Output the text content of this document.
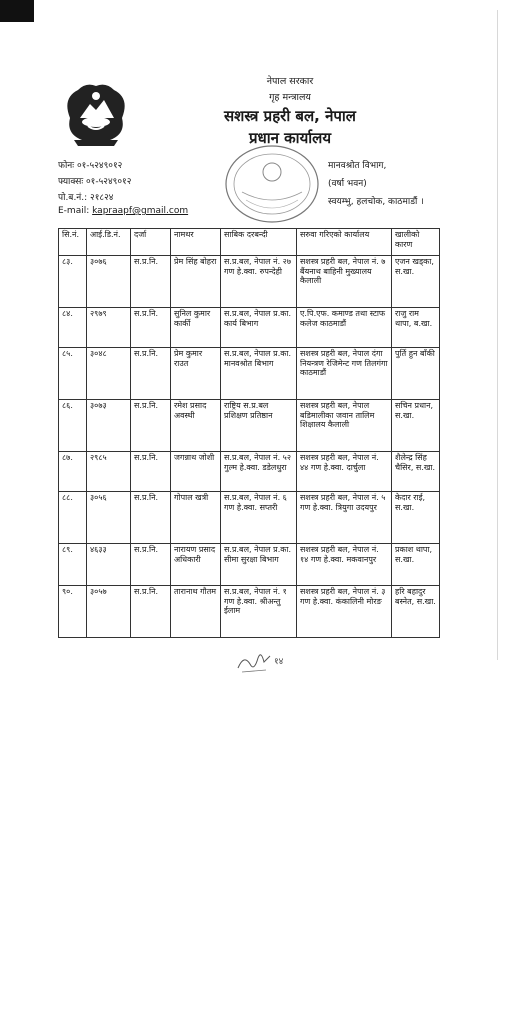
नेपाल सरकार
गृह मन्त्रालय
सशस्त्र प्रहरी बल, नेपाल
प्रधान कार्यालय
फोनः ०१-५२४९०१२
फ्याक्सः ०१-५२४९०१२
पो.ब.नं.: २१८२४
E-mail: kapraapf@gmail.com
मानवश्रोत विभाग,
(वर्षा भवन)
स्वयम्भु, हलचोक, काठमाडौं ।
सि.नं.	आई.डि.नं.	दर्जा	नामथर	साबिक दरबन्दी	सरुवा गरिएको कार्यालय	खालीको कारण
८३.	३०७६	स.प्र.नि.	प्रेम सिंह बोहरा	स.प्र.बल, नेपाल नं. २७ गण हे.क्वा. रुपन्देही	सशस्त्र प्रहरी बल, नेपाल नं. ७ बैंयनाथ बाहिनी मुख्यालय कैलाली	एजन खड्का, स.खा.
८४.	२९७९	स.प्र.नि.	सुनिल कुमार कार्की	स.प्र.बल, नेपाल प्र.का. कार्य बिभाग	ए.पि.एफ. कमाण्ड तथा स्टाफ कलेज काठमाडौं	राजु राम थापा, ब.खा.
८५.	३०४८	स.प्र.नि.	प्रेम कुमार राउत	स.प्र.बल, नेपाल प्र.का. मानवश्रोत बिभाग	सशस्त्र प्रहरी बल, नेपाल दंगा नियन्त्रण रेजिमेन्ट गण तिलगंगा काठमाडौं	पुर्ति हुन बाँकी
८६.	३०७३	स.प्र.नि.	रमेश प्रसाद अवस्थी	राष्ट्रिय स.प्र.बल प्रशिक्षण प्रतिष्ठान	सशस्त्र प्रहरी बल, नेपाल बडिमालीका जवान तालिम शिक्षालय कैलाली	सचिन प्रधान, स.खा.
८७.	२९८५	स.प्र.नि.	जगन्नाथ जोशी	स.प्र.बल, नेपाल नं. ५२ गुल्म हे.क्वा. डडेलधुरा	सशस्त्र प्रहरी बल, नेपाल नं. ४४ गण हे.क्वा. दार्चुला	शैलेन्द्र सिंह चैसिर, स.खा.
८८.	३०५६	स.प्र.नि.	गोपाल खत्री	स.प्र.बल, नेपाल नं. ६ गण हे.क्वा. सप्तरी	सशस्त्र प्रहरी बल, नेपाल नं. ५ गण हे.क्वा. त्रियुगा उदयपुर	केदार राई, स.खा.
८९.	४६३३	स.प्र.नि.	नारायण प्रसाद अधिकारी	स.प्र.बल, नेपाल प्र.का. सीमा सुरक्षा बिभाग	सशस्त्र प्रहरी बल, नेपाल नं. १४ गण हे.क्वा. मकवानपुर	प्रकाश थापा, स.खा.
९०.	३०५७	स.प्र.नि.	तारानाथ गौतम	स.प्र.बल, नेपाल नं. १ गण हे.क्वा. श्रीअन्तु ईलाम	सशस्त्र प्रहरी बल, नेपाल नं. ३ गण हे.क्वा. कंकालिनी मोरङ	हरि बहादुर बस्नेत, स.खा.
१४
